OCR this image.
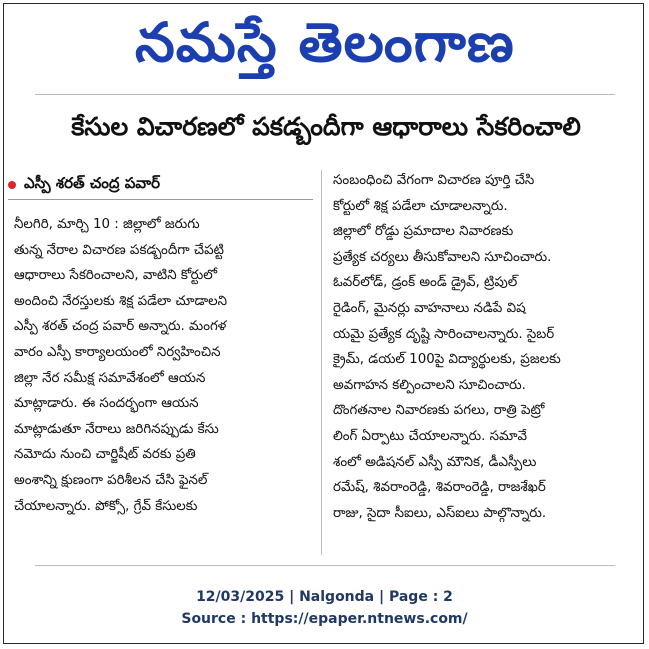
నమస్తే తెలంగాణ
కేసుల విచారణలో పకడ్బందీగా ఆధారాలు సేకరించాలి
ఎస్పీ శరత్ చంద్ర పవార్
నీలగిరి, మార్చి 10 : జిల్లాలో జరుగు
తున్న నేరాల విచారణ పకడ్బందీగా చేపట్టి
ఆధారాలు సేకరించాలని, వాటిని కోర్టులో
అందించి నేరస్తులకు శిక్ష పడేలా చూడాలని
ఎస్పీ శరత్ చంద్ర పవార్ అన్నారు. మంగళ
వారం ఎస్పీ కార్యాలయంలో నిర్వహించిన
జిల్లా నేర సమీక్ష సమావేశంలో ఆయన
మాట్లాడారు. ఈ సందర్భంగా ఆయన
మాట్లాడుతూ నేరాలు జరిగినప్పుడు కేసు
నమోదు నుంచి చార్జిషీట్ వరకు ప్రతి
అంశాన్ని క్షుణంగా పరిశీలన చేసి ఫైనల్
చేయాలన్నారు. పోక్సో, గ్రేవ్ కేసులకు
సంబంధించి వేగంగా విచారణ పూర్తి చేసి
కోర్టులో శిక్ష పడేలా చూడాలన్నారు.
జిల్లాలో రోడ్డు ప్రమాదాల నివారణకు
ప్రత్యేక చర్యలు తీసుకోవాలని సూచించారు.
ఓవర్‌లోడ్, డ్రంక్ అండ్ డ్రైవ్, ట్రిపుల్
రైడింగ్, మైనర్లు వాహనాలు నడిపే విష
యమై ప్రత్యేక దృష్టి సారించాలన్నారు. సైబర్
క్రైమ్, డయల్ 100పై విద్యార్థులకు, ప్రజలకు
అవగాహన కల్పించాలని సూచించారు.
దొంగతనాల నివారణకు పగలు, రాత్రి పెట్రో
లింగ్ ఏర్పాటు చేయాలన్నారు. సమావే
శంలో అడిషనల్ ఎస్పీ మౌనిక, డీఎస్పీలు
రమేష్, శివరాంరెడ్డి, శివరాంరెడ్డి, రాజశేఖర్
రాజు, సైదా సీఐలు, ఎస్ఐలు పాల్గొన్నారు.
12/03/2025 | Nalgonda | Page : 2
Source : https://epaper.ntnews.com/
